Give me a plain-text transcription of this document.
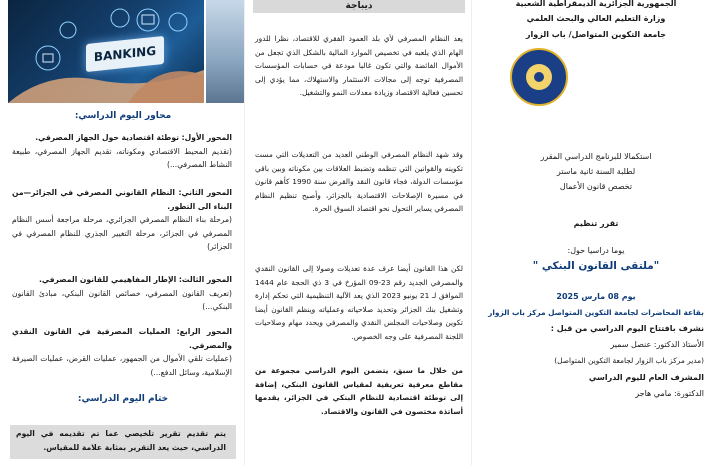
BANKING
محاور اليوم الدراسي:
المحور الأول: توطئة اقتصادية حول الجهاز المصرفي.
(تقديم المحيط الاقتصادي ومكوناته، تقديم الجهاز المصرفي، طبيعة النشاط المصرفي...)
المحور الثاني: النظام القانوني المصرفي في الجزائر—من البناء الى التطور.
(مرحلة بناء النظام المصرفي الجزائري، مرحلة مراجعة أسس النظام المصرفي في الجزائر، مرحلة التغيير الجذري للنظام المصرفي في الجزائر)
المحور الثالث: الإطار المفاهيمي للقانون المصرفي.
(تعريف القانون المصرفي، خصائص القانون البنكي، مبادئ القانون البنكي...)
المحور الرابع: العمليات المصرفية في القانون النقدي والمصرفي.
(عمليات تلقي الأموال من الجمهور، عمليات القرض، عمليات الصيرفة الإسلامية، وسائل الدفع...)
ختام اليوم الدراسي:
يتم تقديم تقرير تلخيصي عما تم تقديمه في اليوم الدراسي، حيث يعد التقرير بمثابة علامة للمقياس.
ديباجة
يعد النظام المصرفي لأي بلد العمود الفقري للاقتصاد، نظرا للدور الهام الذي يلعبه في تخصيص الموارد المالية بالشكل الذي تجعل من الأموال الفائضة والتي تكون غالبا مودعة في حسابات المؤسسات المصرفية توجه إلى مجالات الاستثمار والاستهلاك، مما يؤدي إلى تحسين فعالية الاقتصاد وزيادة معدلات النمو والتشغيل.
وقد شهد النظام المصرفي الوطني العديد من التعديلات التي مست تكوينه والقوانين التي تنظمه وتضبط العلاقات بين مكوناته وبين باقي مؤسسات الدولة، فجاء قانون النقد والقرض سنة 1990 كأهم قانون في مسيرة الإصلاحات الاقتصادية بالجزائر، وأصبح تنظيم النظام المصرفي يساير التحول نحو اقتصاد السوق الحرة.
لكن هذا القانون أيضا عرف عدة تعديلات وصولا إلى القانون النقدي والمصرفي الجديد رقم 23-09 المؤرخ في 3 ذي الحجة عام 1444 الموافق لـ 21 يونيو 2023 الذي يعد الآلية التنظيمية التي تحكم إدارة وتشغيل بنك الجزائر وتحديد صلاحياته وعملياته وينظم القانون أيضا تكوين وصلاحيات المجلس النقدي والمصرفي ويحدد مهام وصلاحيات اللجنة المصرفية على وجه الخصوص.
من خلال ما سبق، يتضمن اليوم الدراسي مجموعة من مقاطع معرفية تعريفية لمقياس القانون البنكي، إضافة إلى توطئة اقتصادية للنظام البنكي في الجزائر، يقدمها أساتذة مختصون في القانون والاقتصاد.
الجمهورية الجزائرية الديمقراطية الشعبية
وزارة التعليم العالي والبحث العلمي
جامعة التكوين المتواصل/ باب الزوار
استكمالا للبرنامج الدراسي المقرر
لطلبة السنة ثانية ماستر
تخصص قانون الأعمال
تقرر تنظيم
يوما دراسيا حول:
"ملتقى القانون البنكي "
يوم 08 مارس 2025
بقاعة المحاضرات لجامعة التكوين المتواصل مركز باب الزوار
نشرف بافتتاح اليوم الدراسي من قبل :
الأستاذ الدكتور: عنصل سمير
(مدير مركز باب الزوار لجامعة التكوين المتواصل)
المشرف العام لليوم الدراسي
الدكتورة: مامي هاجر
